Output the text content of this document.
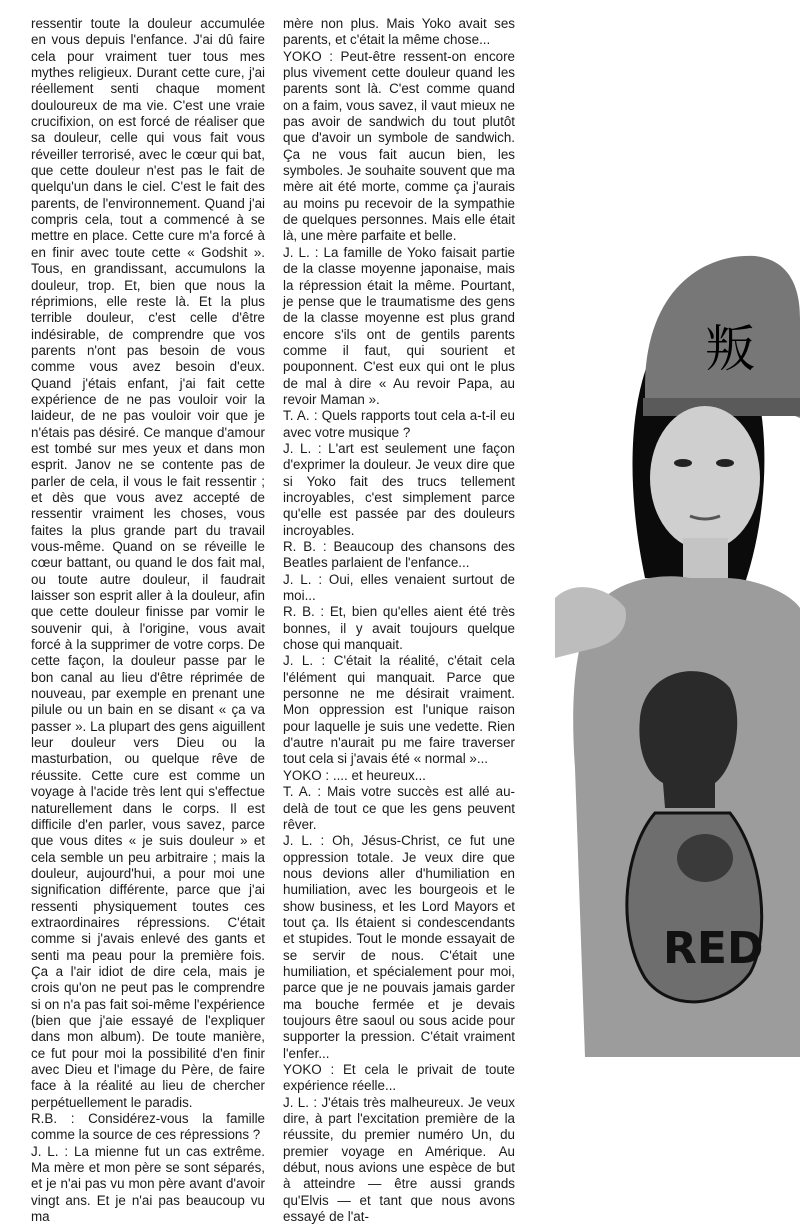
ressentir toute la douleur accumulée en vous depuis l'enfance. J'ai dû faire cela pour vraiment tuer tous mes mythes religieux. Durant cette cure, j'ai réellement senti chaque moment douloureux de ma vie. C'est une vraie crucifixion, on est forcé de réaliser que sa douleur, celle qui vous fait vous réveiller terrorisé, avec le cœur qui bat, que cette douleur n'est pas le fait de quelqu'un dans le ciel. C'est le fait des parents, de l'environnement. Quand j'ai compris cela, tout a commencé à se mettre en place. Cette cure m'a forcé à en finir avec toute cette « Godshit ». Tous, en grandissant, accumulons la douleur, trop. Et, bien que nous la réprimions, elle reste là. Et la plus terrible douleur, c'est celle d'être indésirable, de comprendre que vos parents n'ont pas besoin de vous comme vous avez besoin d'eux. Quand j'étais enfant, j'ai fait cette expérience de ne pas vouloir voir la laideur, de ne pas vouloir voir que je n'étais pas désiré. Ce manque d'amour est tombé sur mes yeux et dans mon esprit. Janov ne se contente pas de parler de cela, il vous le fait ressentir ; et dès que vous avez accepté de ressentir vraiment les choses, vous faites la plus grande part du travail vous-même. Quand on se réveille le cœur battant, ou quand le dos fait mal, ou toute autre douleur, il faudrait laisser son esprit aller à la douleur, afin que cette douleur finisse par vomir le souvenir qui, à l'origine, vous avait forcé à la supprimer de votre corps. De cette façon, la douleur passe par le bon canal au lieu d'être réprimée de nouveau, par exemple en prenant une pilule ou un bain en se disant « ça va passer ». La plupart des gens aiguillent leur douleur vers Dieu ou la masturbation, ou quelque rêve de réussite. Cette cure est comme un voyage à l'acide très lent qui s'effectue naturellement dans le corps. Il est difficile d'en parler, vous savez, parce que vous dites « je suis douleur » et cela semble un peu arbitraire ; mais la douleur, aujourd'hui, a pour moi une signification différente, parce que j'ai ressenti physiquement toutes ces extraordinaires répressions. C'était comme si j'avais enlevé des gants et senti ma peau pour la première fois. Ça a l'air idiot de dire cela, mais je crois qu'on ne peut pas le comprendre si on n'a pas fait soi-même l'expérience (bien que j'aie essayé de l'expliquer dans mon album). De toute manière, ce fut pour moi la possibilité d'en finir avec Dieu et l'image du Père, de faire face à la réalité au lieu de chercher perpétuellement le paradis.

R.B. : Considérez-vous la famille comme la source de ces répressions ?

J. L. : La mienne fut un cas extrême. Ma mère et mon père se sont séparés, et je n'ai pas vu mon père avant d'avoir vingt ans. Et je n'ai pas beaucoup vu ma

mère non plus. Mais Yoko avait ses parents, et c'était la même chose...

YOKO : Peut-être ressent-on encore plus vivement cette douleur quand les parents sont là. C'est comme quand on a faim, vous savez, il vaut mieux ne pas avoir de sandwich du tout plutôt que d'avoir un symbole de sandwich. Ça ne vous fait aucun bien, les symboles. Je souhaite souvent que ma mère ait été morte, comme ça j'aurais au moins pu recevoir de la sympathie de quelques personnes. Mais elle était là, une mère parfaite et belle.

J. L. : La famille de Yoko faisait partie de la classe moyenne japonaise, mais la répression était la même. Pourtant, je pense que le traumatisme des gens de la classe moyenne est plus grand encore s'ils ont de gentils parents comme il faut, qui sourient et pouponnent. C'est eux qui ont le plus de mal à dire « Au revoir Papa, au revoir Maman ».

T. A. : Quels rapports tout cela a-t-il eu avec votre musique ?

J. L. : L'art est seulement une façon d'exprimer la douleur. Je veux dire que si Yoko fait des trucs tellement incroyables, c'est simplement parce qu'elle est passée par des douleurs incroyables.

R. B. : Beaucoup des chansons des Beatles parlaient de l'enfance...

J. L. : Oui, elles venaient surtout de moi...

R. B. : Et, bien qu'elles aient été très bonnes, il y avait toujours quelque chose qui manquait.

J. L. : C'était la réalité, c'était cela l'élément qui manquait. Parce que personne ne me désirait vraiment. Mon oppression est l'unique raison pour laquelle je suis une vedette. Rien d'autre n'aurait pu me faire traverser tout cela si j'avais été « normal »...

YOKO : .... et heureux...

T. A. : Mais votre succès est allé au-delà de tout ce que les gens peuvent rêver.

J. L. : Oh, Jésus-Christ, ce fut une oppression totale. Je veux dire que nous devions aller d'humiliation en humiliation, avec les bourgeois et le show business, et les Lord Mayors et tout ça. Ils étaient si condescendants et stupides. Tout le monde essayait de se servir de nous. C'était une humiliation, et spécialement pour moi, parce que je ne pouvais jamais garder ma bouche fermée et je devais toujours être saoul ou sous acide pour supporter la pression. C'était vraiment l'enfer...

YOKO : Et cela le privait de toute expérience réelle...

J. L. : J'étais très malheureux. Je veux dire, à part l'excitation première de la réussite, du premier numéro Un, du premier voyage en Amérique. Au début, nous avions une espèce de but à atteindre — être aussi grands qu'Elvis — et tant que nous avons essayé de l'at-

叛
RED
